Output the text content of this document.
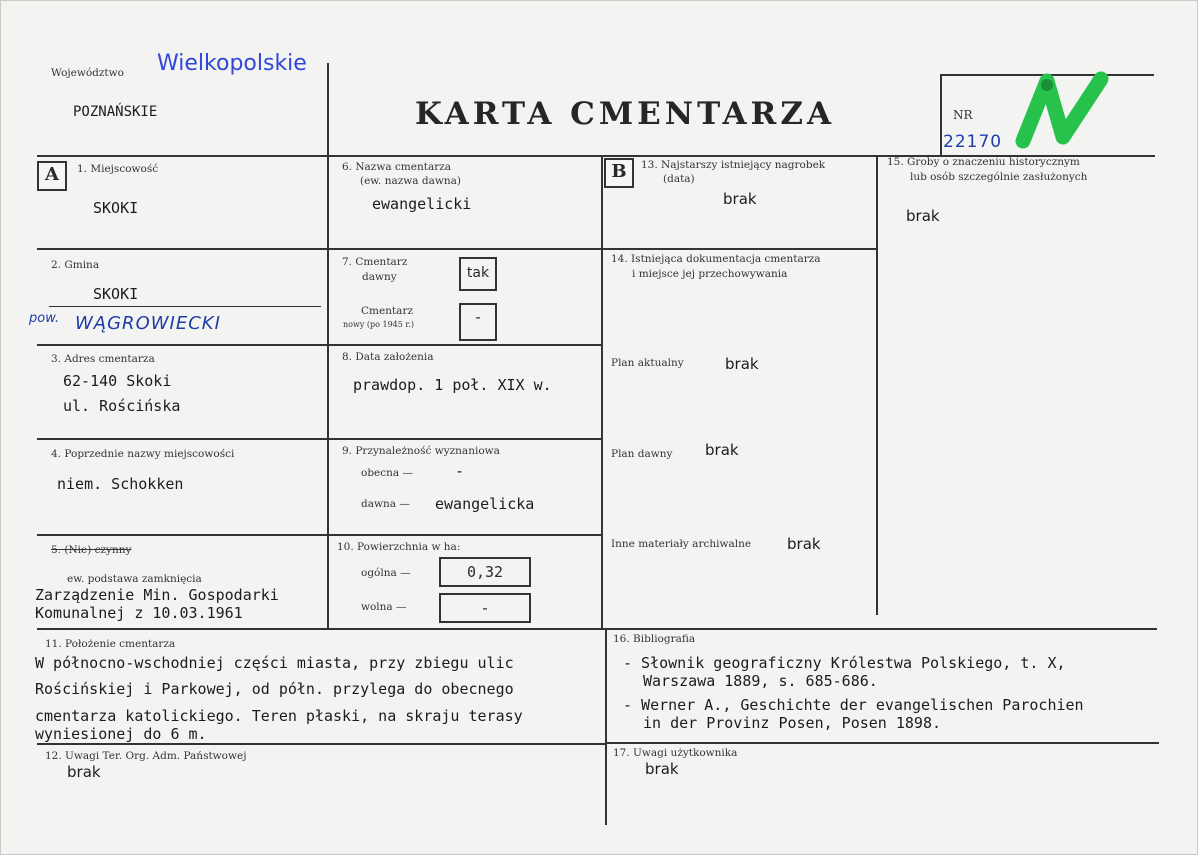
Województwo Wielkopolskie
POZNAŃSKIE	KARTA CMENTARZA	NR
22170
A	1. Miejscowość
SKOKI
2. Gmina
SKOKI
pow. WĄGROWIECKI
3. Adres cmentarza
62-140 Skoki
ul. Rościńska
4. Poprzednie nazwy miejscowości
niem. Schokken
5. (Nie) czynny
ew. podstawa zamknięcia
Zarządzenie Min. Gospodarki
Komunalnej z 10.03.1961
6. Nazwa cmentarza
(ew. nazwa dawna)
ewangelicki
7. Cmentarz
dawny	tak
Cmentarz
nowy (po 1945 r.)	-
8. Data założenia
prawdop. 1 poł. XIX w.
9. Przynależność wyznaniowa
obecna —	-
dawna — ewangelicka
10. Powierzchnia w ha:
ogólna —	0,32
wolna —	-
B	13. Najstarszy istniejący nagrobek
(data)
brak
14. Istniejąca dokumentacja cmentarza
i miejsce jej przechowywania
Plan aktualny	brak
Plan dawny brak
Inne materiały archiwalne brak
15. Groby o znaczeniu historycznym
lub osób szczególnie zasłużonych
brak
11. Położenie cmentarza
W północno-wschodniej części miasta, przy zbiegu ulic
Rościńskiej i Parkowej, od półn. przylega do obecnego
cmentarza katolickiego. Teren płaski, na skraju terasy
wyniesionej do 6 m.
12. Uwagi Ter. Org. Adm. Państwowej
brak
16. Bibliografia
- Słownik geograficzny Królestwa Polskiego, t. X,
Warszawa 1889, s. 685-686.
- Werner A., Geschichte der evangelischen Parochien
in der Provinz Posen, Posen 1898.
17. Uwagi użytkownika
brak
